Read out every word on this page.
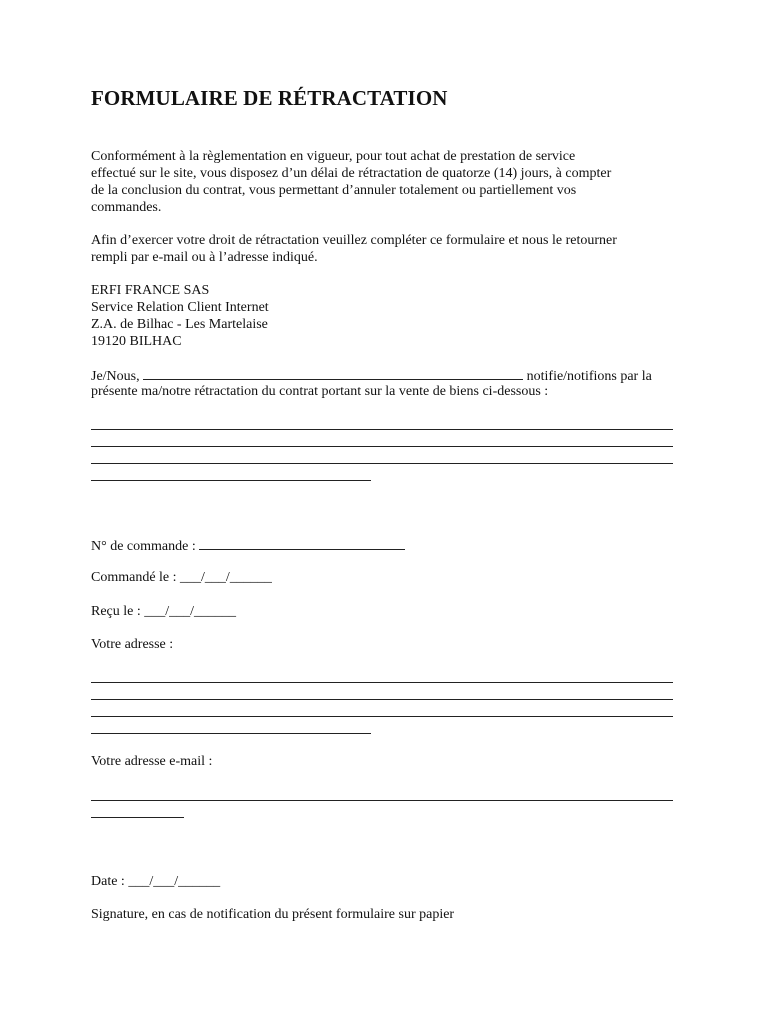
FORMULAIRE DE RÉTRACTATION
Conformément à la règlementation en vigueur, pour tout achat de prestation de service
effectué sur le site, vous disposez d’un délai de rétractation de quatorze (14) jours, à compter
de la conclusion du contrat, vous permettant d’annuler totalement ou partiellement vos
commandes.
Afin d’exercer votre droit de rétractation veuillez compléter ce formulaire et nous le retourner
rempli par e-mail ou à l’adresse indiqué.
ERFI FRANCE SAS
Service Relation Client Internet
Z.A. de Bilhac - Les Martelaise
19120 BILHAC
Je/Nous,	notifie/notifions par la
présente ma/notre rétractation du contrat portant sur la vente de biens ci-dessous :
N° de commande :
Commandé le : ___/___/______
Reçu le : ___/___/______
Votre adresse :
Votre adresse e-mail :
Date : ___/___/______
Signature, en cas de notification du présent formulaire sur papier
